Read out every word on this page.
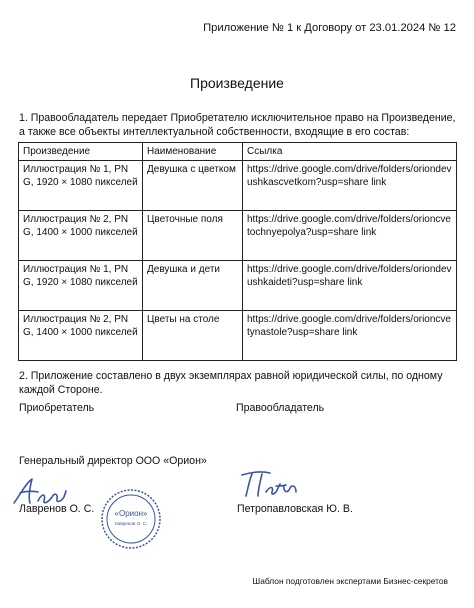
Приложение № 1 к Договору от 23.01.2024 № 12
Произведение
1. Правообладатель передает Приобретателю исключительное право на Произведение, а также все объекты интеллектуальной собственности, входящие в его состав:
Произведение	Наименование	Ссылка
Иллюстрация № 1, PNG, 1920 × 1080 пикселей	Девушка с цветком	https://drive.google.com/drive/folders/oriondevushkascvetkom?usp=share link
Иллюстрация № 2, PNG, 1400 × 1000 пикселей	Цветочные поля	https://drive.google.com/drive/folders/orioncvetochnyepolya?usp=share link
Иллюстрация № 1, PNG, 1920 × 1080 пикселей	Девушка и дети	https://drive.google.com/drive/folders/oriondevushkaideti?usp=share link
Иллюстрация № 2, PNG, 1400 × 1000 пикселей	Цветы на столе	https://drive.google.com/drive/folders/orioncvetynastole?usp=share link
2. Приложение составлено в двух экземплярах равной юридической силы, по одному каждой Стороне.
Приобретатель	Правообладатель
Генеральный директор ООО «Орион»
«Орион»
Лавренов О. С.
Лавренов О. С.	Петропавловская Ю. В.
Шаблон подготовлен экспертами Бизнес-секретов
